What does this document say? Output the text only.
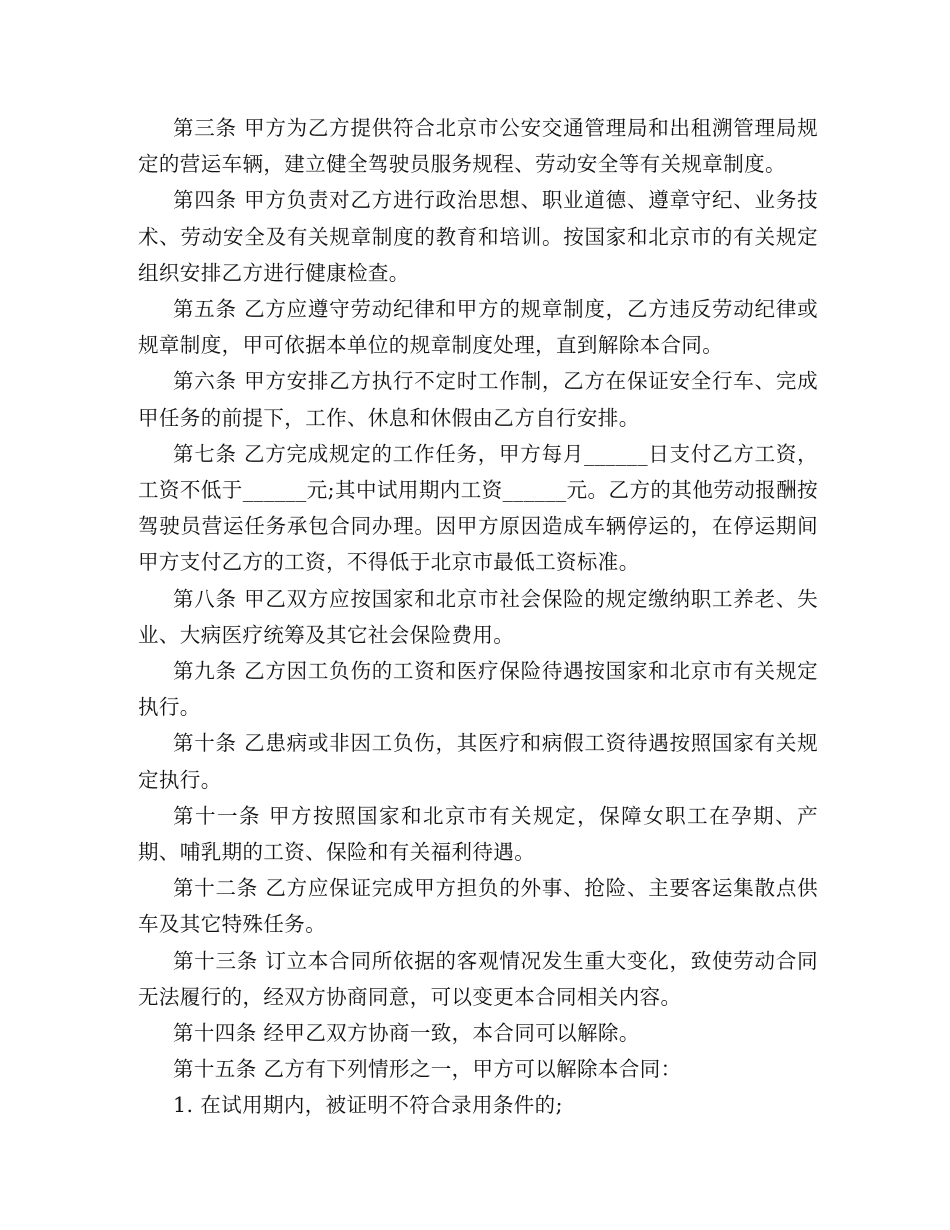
第三条 甲方为乙方提供符合北京市公安交通管理局和出租溯管理局规定的营运车辆，建立健全驾驶员服务规程、劳动安全等有关规章制度。

第四条 甲方负责对乙方进行政治思想、职业道德、遵章守纪、业务技术、劳动安全及有关规章制度的教育和培训。按国家和北京市的有关规定组织安排乙方进行健康检查。

第五条 乙方应遵守劳动纪律和甲方的规章制度，乙方违反劳动纪律或规章制度，甲可依据本单位的规章制度处理，直到解除本合同。

第六条 甲方安排乙方执行不定时工作制，乙方在保证安全行车、完成甲任务的前提下，工作、休息和休假由乙方自行安排。

第七条 乙方完成规定的工作任务，甲方每月______日支付乙方工资，工资不低于______元;其中试用期内工资______元。乙方的其他劳动报酬按驾驶员营运任务承包合同办理。因甲方原因造成车辆停运的，在停运期间甲方支付乙方的工资，不得低于北京市最低工资标准。

第八条 甲乙双方应按国家和北京市社会保险的规定缴纳职工养老、失业、大病医疗统筹及其它社会保险费用。

第九条 乙方因工负伤的工资和医疗保险待遇按国家和北京市有关规定执行。

第十条 乙患病或非因工负伤，其医疗和病假工资待遇按照国家有关规定执行。

第十一条 甲方按照国家和北京市有关规定，保障女职工在孕期、产期、哺乳期的工资、保险和有关福利待遇。

第十二条 乙方应保证完成甲方担负的外事、抢险、主要客运集散点供车及其它特殊任务。

第十三条 订立本合同所依据的客观情况发生重大变化，致使劳动合同无法履行的，经双方协商同意，可以变更本合同相关内容。

第十四条 经甲乙双方协商一致，本合同可以解除。

第十五条 乙方有下列情形之一，甲方可以解除本合同：

1. 在试用期内，被证明不符合录用条件的;
